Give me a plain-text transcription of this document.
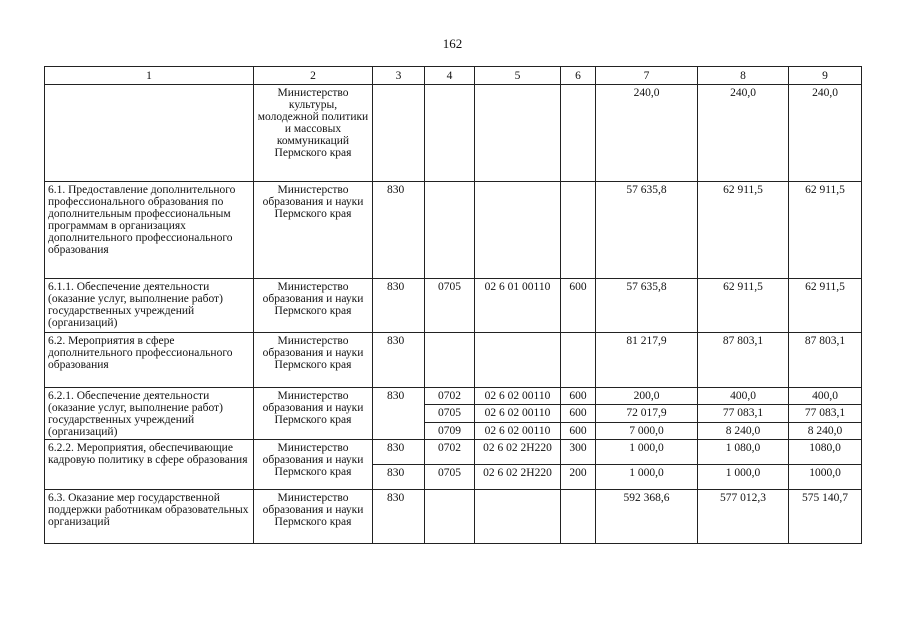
162
1	2	3	4	5	6	7	8	9
	Министерство культуры, молодежной политики и массовых коммуникаций Пермского края					240,0	240,0	240,0
6.1. Предоставление дополнительного профессионального образования по дополнительным профессиональным программам в организациях дополнительного профессионального образования	Министерство образования и науки Пермского края	830				57 635,8	62 911,5	62 911,5
6.1.1. Обеспечение деятельности (оказание услуг, выполнение работ) государственных учреждений (организаций)	Министерство образования и науки Пермского края	830	0705	02 6 01 00110	600	57 635,8	62 911,5	62 911,5
6.2. Мероприятия в сфере дополнительного профессионального образования	Министерство образования и науки Пермского края	830				81 217,9	87 803,1	87 803,1
6.2.1. Обеспечение деятельности (оказание услуг, выполнение работ) государственных учреждений (организаций)	Министерство образования и науки Пермского края	830	0702	02 6 02 00110	600	200,0	400,0	400,0
			0705	02 6 02 00110	600	72 017,9	77 083,1	77 083,1
			0709	02 6 02 00110	600	7 000,0	8 240,0	8 240,0
6.2.2. Мероприятия, обеспечивающие кадровую политику в сфере образования	Министерство образования и науки Пермского края	830	0702	02 6 02 2Н220	300	1 000,0	1 080,0	1080,0
		830	0705	02 6 02 2Н220	200	1 000,0	1 000,0	1000,0
6.3. Оказание мер государственной поддержки работникам образовательных организаций	Министерство образования и науки Пермского края	830				592 368,6	577 012,3	575 140,7
